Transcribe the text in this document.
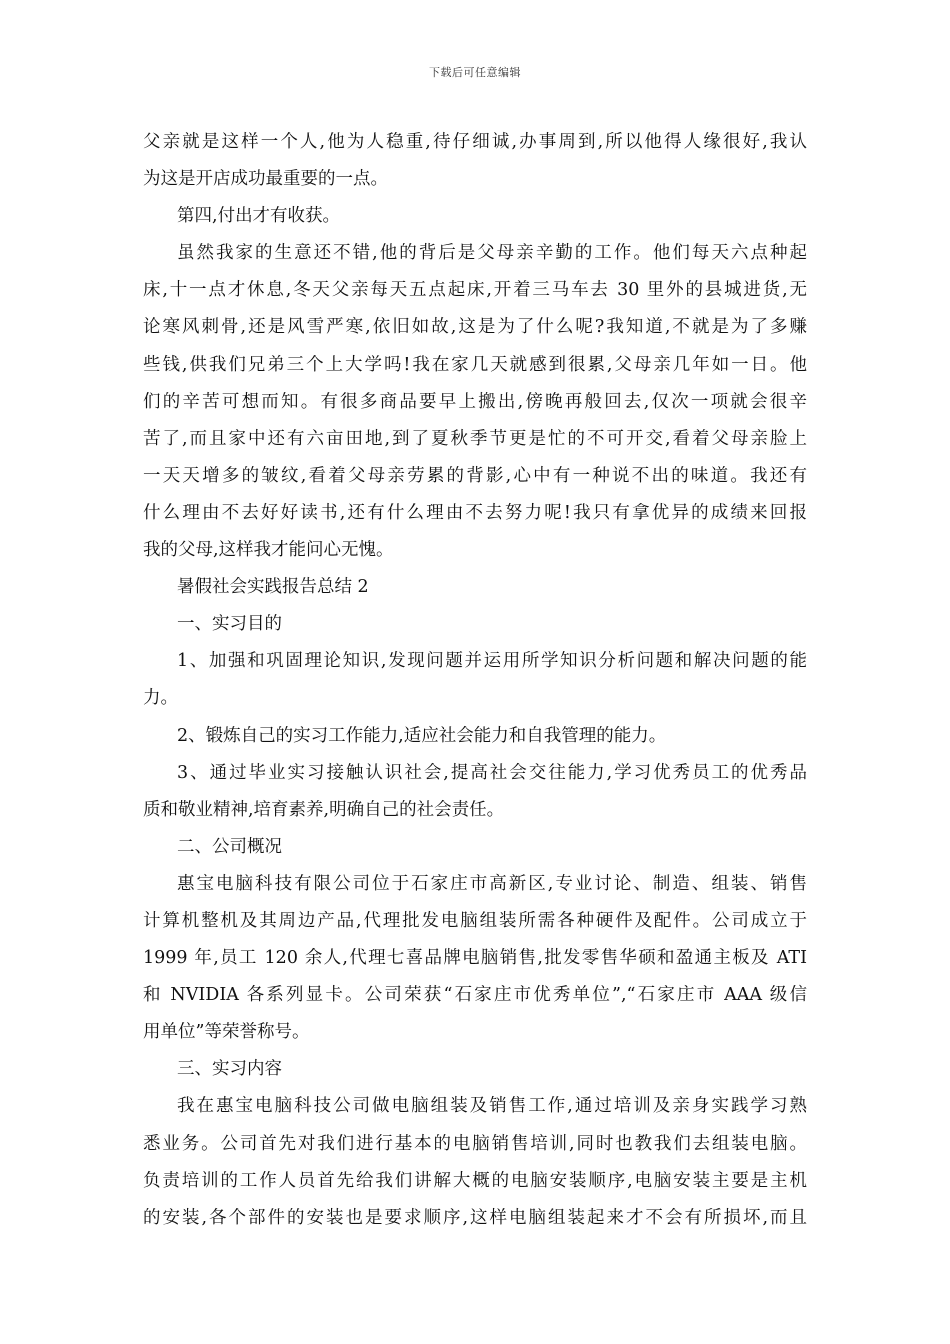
下载后可任意编辑
父亲就是这样一个人,他为人稳重,待仔细诚,办事周到,所以他得人缘很好,我认
为这是开店成功最重要的一点。
第四,付出才有收获。
虽然我家的生意还不错,他的背后是父母亲辛勤的工作。他们每天六点种起
床,十一点才休息,冬天父亲每天五点起床,开着三马车去 30 里外的县城进货,无
论寒风刺骨,还是风雪严寒,依旧如故,这是为了什么呢?我知道,不就是为了多赚
些钱,供我们兄弟三个上大学吗!我在家几天就感到很累,父母亲几年如一日。他
们的辛苦可想而知。有很多商品要早上搬出,傍晚再般回去,仅次一项就会很辛
苦了,而且家中还有六亩田地,到了夏秋季节更是忙的不可开交,看着父母亲脸上
一天天增多的皱纹,看着父母亲劳累的背影,心中有一种说不出的味道。我还有
什么理由不去好好读书,还有什么理由不去努力呢!我只有拿优异的成绩来回报
我的父母,这样我才能问心无愧。
暑假社会实践报告总结 2
一、实习目的
1、加强和巩固理论知识,发现问题并运用所学知识分析问题和解决问题的能
力。
2、锻炼自己的实习工作能力,适应社会能力和自我管理的能力。
3、通过毕业实习接触认识社会,提高社会交往能力,学习优秀员工的优秀品
质和敬业精神,培育素养,明确自己的社会责任。
二、公司概况
惠宝电脑科技有限公司位于石家庄市高新区,专业讨论、制造、组装、销售
计算机整机及其周边产品,代理批发电脑组装所需各种硬件及配件。公司成立于
1999 年,员工 120 余人,代理七喜品牌电脑销售,批发零售华硕和盈通主板及 ATI
和 NVIDIA 各系列显卡。公司荣获“石家庄市优秀单位”,“石家庄市 AAA 级信
用单位”等荣誉称号。
三、实习内容
我在惠宝电脑科技公司做电脑组装及销售工作,通过培训及亲身实践学习熟
悉业务。公司首先对我们进行基本的电脑销售培训,同时也教我们去组装电脑。
负责培训的工作人员首先给我们讲解大概的电脑安装顺序,电脑安装主要是主机
的安装,各个部件的安装也是要求顺序,这样电脑组装起来才不会有所损坏,而且
